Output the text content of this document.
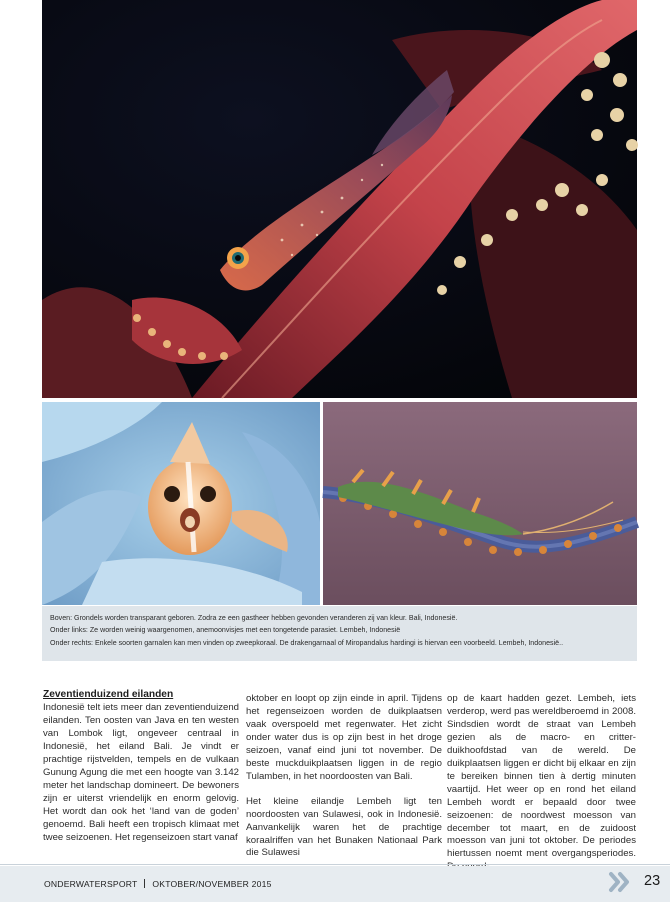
Boven: Grondels worden transparant geboren. Zodra ze een gastheer hebben gevonden veranderen zij van kleur. Bali, Indonesië.
Onder links: Ze worden weinig waargenomen, anemoonvisjes met een tongetende parasiet. Lembeh, Indonesië
Onder rechts: Enkele soorten garnalen kan men vinden op zweepkoraal. De drakengarnaal of Miropandalus hardingi is hiervan een voorbeeld. Lembeh, Indonesië..
Zeventienduizend eilanden

Indonesië telt iets meer dan zeventienduizend eilanden. Ten oosten van Java en ten westen van Lombok ligt, ongeveer centraal in Indonesië, het eiland Bali. Je vindt er prachtige rijstvelden, tempels en de vulkaan Gunung Agung die met een hoogte van 3.142 meter het landschap domineert. De bewoners zijn er uiterst vriendelijk en enorm gelovig. Het wordt dan ook het ‘land van de goden’ genoemd. Bali heeft een tropisch klimaat met twee seizoenen. Het regenseizoen start vanaf

oktober en loopt op zijn einde in april. Tijdens het regenseizoen worden de duikplaatsen vaak overspoeld met regenwater. Het zicht onder water dus is op zijn best in het droge seizoen, vanaf eind juni tot november. De beste muckduikplaatsen liggen in de regio Tulamben, in het noordoosten van Bali.

Het kleine eilandje Lembeh ligt ten noordoosten van Sulawesi, ook in Indonesië. Aanvankelijk waren het de prachtige koraalriffen van het Bunaken Nationaal Park die Sulawesi

op de kaart hadden gezet. Lembeh, iets verderop, werd pas wereldberoemd in 2008. Sindsdien wordt de straat van Lembeh gezien als de macro- en critter-duikhoofdstad van de wereld. De duikplaatsen liggen er dicht bij elkaar en zijn te bereiken binnen tien à dertig minuten vaartijd. Het weer op en rond het eiland Lembeh wordt er bepaald door twee seizoenen: de noordwest moesson van december tot maart, en de zuidoost moesson van juni tot oktober. De periodes hiertussen noemt ment overgangsperiodes.

ONDERWATERSPORT OKTOBER/NOVEMBER 2015	23
